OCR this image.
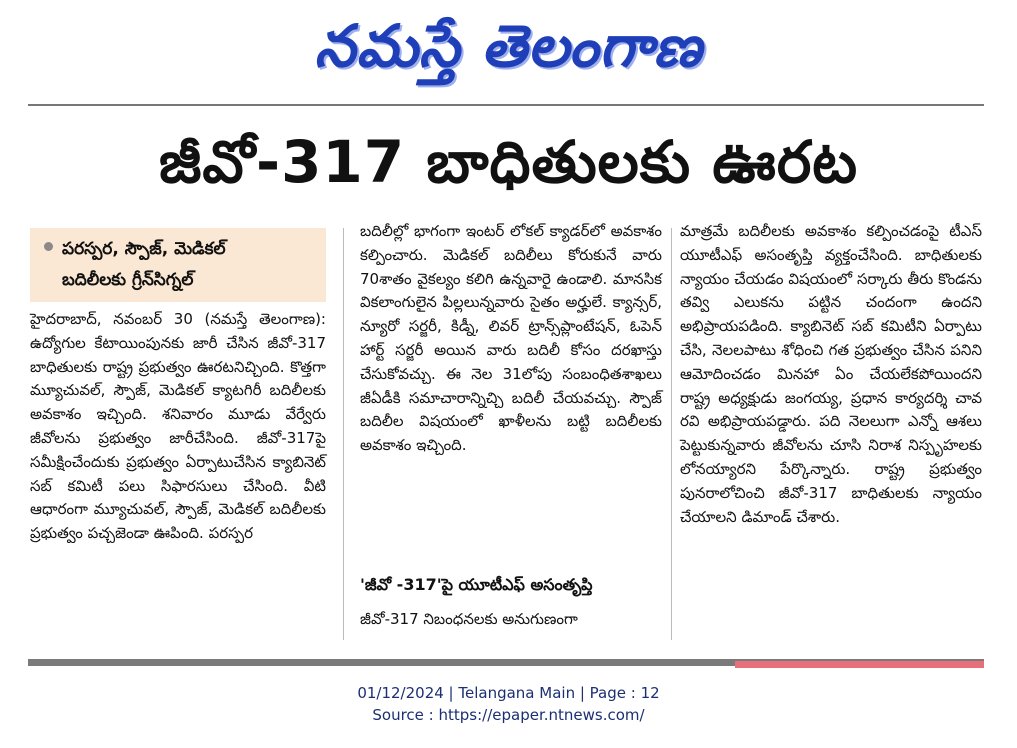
నమస్తే తెలంగాణ
జీవో-317 బాధితులకు ఊరట
పరస్పర, స్పౌజ్, మెడికల్
బదిలీలకు గ్రీన్‌సిగ్నల్

హైదరాబాద్, నవంబర్ 30 (నమస్తే తెలంగాణ): ఉద్యోగుల కేటాయింపునకు జారీ చేసిన జీవో-317 బాధితులకు రాష్ట్ర ప్రభుత్వం ఊరటనిచ్చింది. కొత్తగా మ్యూచువల్, స్పౌజ్, మెడికల్ క్యాటగిరీ బదిలీలకు అవకాశం ఇచ్చింది. శనివారం మూడు వేర్వేరు జీవోలను ప్రభుత్వం జారీచేసింది. జీవో-317పై సమీక్షించేందుకు ప్రభుత్వం ఏర్పాటుచేసిన క్యాబినెట్ సబ్ కమిటీ పలు సిఫారసులు చేసింది. వీటి ఆధారంగా మ్యూచువల్, స్పౌజ్, మెడికల్ బదిలీలకు ప్రభుత్వం పచ్చజెండా ఊపింది. పరస్పర

బదిలీల్లో భాగంగా ఇంటర్ లోకల్ క్యాడర్‌లో అవకాశం కల్పించారు. మెడికల్ బదిలీలు కోరుకునే వారు 70శాతం వైకల్యం కలిగి ఉన్నవారై ఉండాలి. మానసిక వికలాంగులైన పిల్లలున్నవారు సైతం అర్హులే. క్యాన్సర్, న్యూరో సర్జరీ, కిడ్నీ, లివర్ ట్రాన్స్‌ప్లాంటేషన్, ఓపెన్ హార్ట్ సర్జరీ అయిన వారు బదిలీ కోసం దరఖాస్తు చేసుకోవచ్చు. ఈ నెల 31లోపు సంబంధితశాఖలు జీఏడీకి సమాచారాన్నిచ్చి బదిలీ చేయవచ్చు. స్పౌజ్ బదిలీల విషయంలో ఖాళీలను బట్టి బదిలీలకు అవకాశం ఇచ్చింది.

'జీవో -317'పై యూటీఎఫ్ అసంతృప్తి

జీవో-317 నిబంధనలకు అనుగుణంగా

మాత్రమే బదిలీలకు అవకాశం కల్పించడంపై టీఎస్ యూటీఎఫ్ అసంతృప్తి వ్యక్తంచేసింది. బాధితులకు న్యాయం చేయడం విషయంలో సర్కారు తీరు కొండను తవ్వి ఎలుకను పట్టిన చందంగా ఉందని అభిప్రాయపడింది. క్యాబినెట్ సబ్ కమిటీని ఏర్పాటు చేసి, నెలలపాటు శోధించి గత ప్రభుత్వం చేసిన పనిని ఆమోదించడం మినహా ఏం చేయలేకపోయిందని రాష్ట్ర అధ్యక్షుడు జంగయ్య, ప్రధాన కార్యదర్శి చావ రవి అభిప్రాయపడ్డారు. పది నెలలుగా ఎన్నో ఆశలు పెట్టుకున్నవారు జీవోలను చూసి నిరాశ నిస్పృహలకు లోనయ్యారని పేర్కొన్నారు. రాష్ట్ర ప్రభుత్వం పునరాలోచించి జీవో-317 బాధితులకు న్యాయం చేయాలని డిమాండ్ చేశారు.

01/12/2024 | Telangana Main | Page : 12
Source : https://epaper.ntnews.com/
